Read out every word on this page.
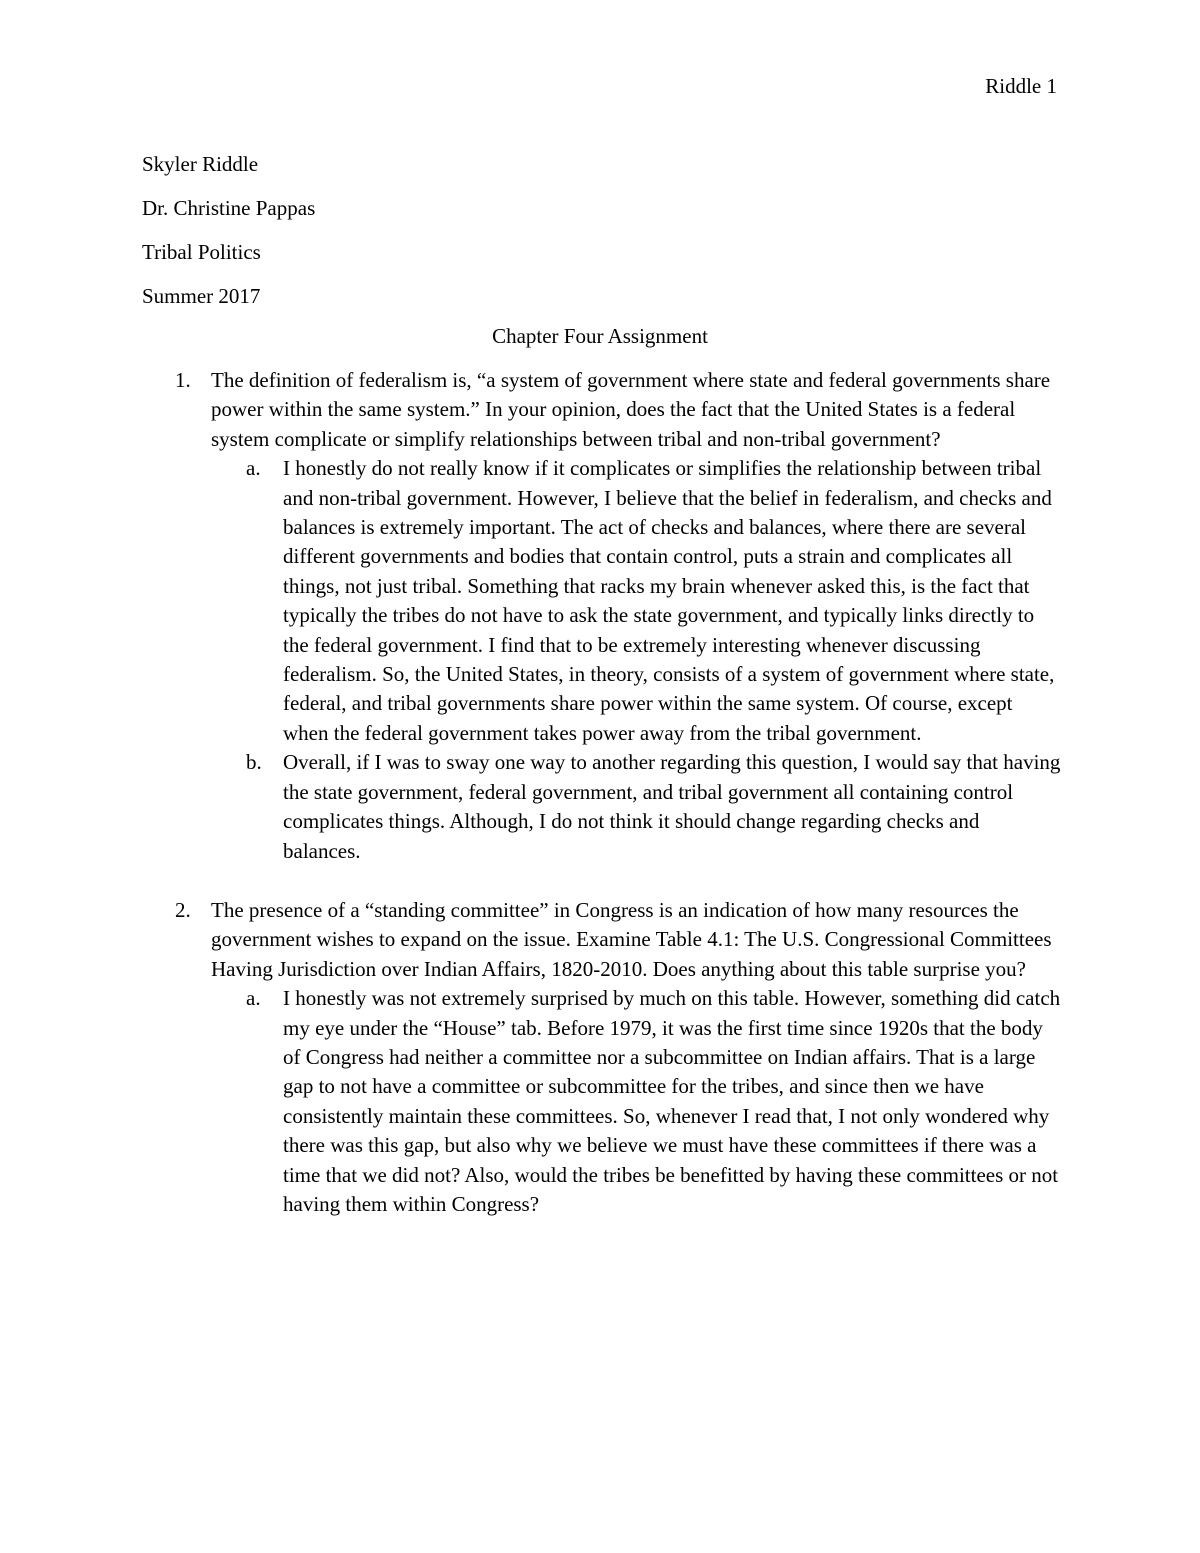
Riddle 1
Skyler Riddle
Dr. Christine Pappas
Tribal Politics
Summer 2017
Chapter Four Assignment
1. The definition of federalism is, “a system of government where state and federal governments share power within the same system.” In your opinion, does the fact that the United States is a federal system complicate or simplify relationships between tribal and non-tribal government?
a. I honestly do not really know if it complicates or simplifies the relationship between tribal and non-tribal government. However, I believe that the belief in federalism, and checks and balances is extremely important. The act of checks and balances, where there are several different governments and bodies that contain control, puts a strain and complicates all things, not just tribal. Something that racks my brain whenever asked this, is the fact that typically the tribes do not have to ask the state government, and typically links directly to the federal government. I find that to be extremely interesting whenever discussing federalism. So, the United States, in theory, consists of a system of government where state, federal, and tribal governments share power within the same system. Of course, except when the federal government takes power away from the tribal government.
b. Overall, if I was to sway one way to another regarding this question, I would say that having the state government, federal government, and tribal government all containing control complicates things. Although, I do not think it should change regarding checks and balances.
2. The presence of a “standing committee” in Congress is an indication of how many resources the government wishes to expand on the issue. Examine Table 4.1: The U.S. Congressional Committees Having Jurisdiction over Indian Affairs, 1820-2010. Does anything about this table surprise you?
a. I honestly was not extremely surprised by much on this table. However, something did catch my eye under the “House” tab. Before 1979, it was the first time since 1920s that the body of Congress had neither a committee nor a subcommittee on Indian affairs. That is a large gap to not have a committee or subcommittee for the tribes, and since then we have consistently maintain these committees. So, whenever I read that, I not only wondered why there was this gap, but also why we believe we must have these committees if there was a time that we did not? Also, would the tribes be benefitted by having these committees or not having them within Congress?
